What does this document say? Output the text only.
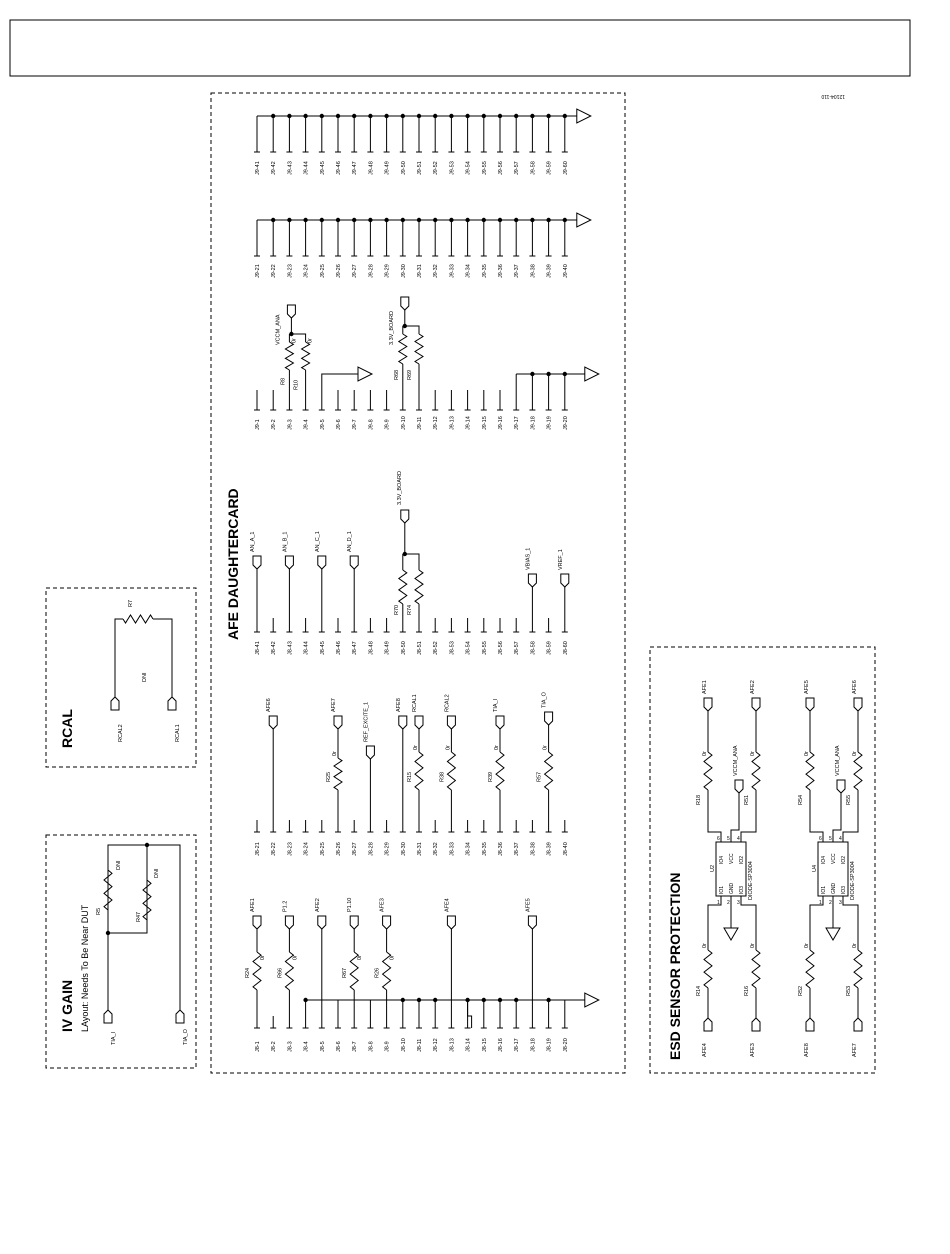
AFE DAUGHTERCARD
RCAL
IV GAIN LAyout: Needs To Be Near DUT	ESD SENSOR PROTECTION
12104-110
J9-41 J9-42 J9-43 J9-44 J9-45 J9-46 J9-47 J9-48 J9-49 J9-50 J9-51 J9-52 J9-53 J9-54 J9-55 J9-56 J9-57 J9-58 J9-59 J9-60
J9-21 J9-22 J9-23 J9-24 J9-25 J9-26 J9-27 J9-28 J9-29 J9-30 J9-31 J9-32 J9-33 J9-34 J9-35 J9-36 J9-37 J9-38 J9-39 J9-40
J9-1 J9-2 J9-3 J9-4 J9-5 J9-6 J9-7 J9-8 J9-9 J9-10 J9-11 J9-12 J9-13 J9-14 J9-15 J9-16 J9-17 J9-18 J9-19 J9-20
J8-41 J8-42 J8-43 J8-44 J8-45 J8-46 J8-47 J8-48 J8-49 J8-50 J8-51 J8-52 J8-53 J8-54 J8-55 J8-56 J8-57 J8-58 J8-59 J8-60
J8-21 J8-22 J8-23 J8-24 J8-25 J8-26 J8-27 J8-28 J8-29 J8-30 J8-31 J8-32 J8-33 J8-34 J8-35 J8-36 J8-37 J8-38 J8-39 J8-40
J8-1 J8-2 J8-3 J8-4 J8-5 J8-6 J8-7 J8-8 J8-9 J8-10 J8-11 J8-12 J8-13 J8-14 J8-15 J8-16 J8-17 J8-18 J8-19 J8-20
VCCM_ANA
R8 R10
0r 0r	3.3V_BOARD
R68 R69
AN_A_1	AN_B_1	AN_C_1	AN_D_1
VBIAS_1	VREF_1
3.3V_BOARD
R70 R74
AFE6	AFE7
R25
0r
REF_EXCITE_1	AFE8 RCAL1
R15
0r
RCAL2
R38
0r
TIA_I
R39
0r
TIA_O
R57
0r
AFE1
R24
0r
P1.2
R66
0r
AFE2	P1.10
R67
0r
AFE3
R26
0r
AFE4	AFE5
RCAL2	RCAL1
R7
DNI
TIA_I	TIA_O
R5
R47
DNI
DNI
AFE1
R18
0r
AFE2
R51
0r
VCCM_ANA
AFE4
R14
0r
AFE3
R16
0r
IO4
6
VCC
5
IO2
4
IO1
1
GND
2
IO3
3
U2	DIODE-SP3004
AFE5
R54
0r
AFE6
R55
0r
VCCM_ANA
AFE8
R52
0r
AFE7
R53
0r
IO4
6
VCC
5
IO2
4
IO1
1
GND
2
IO3
3
U4	DIODE-SP3004
